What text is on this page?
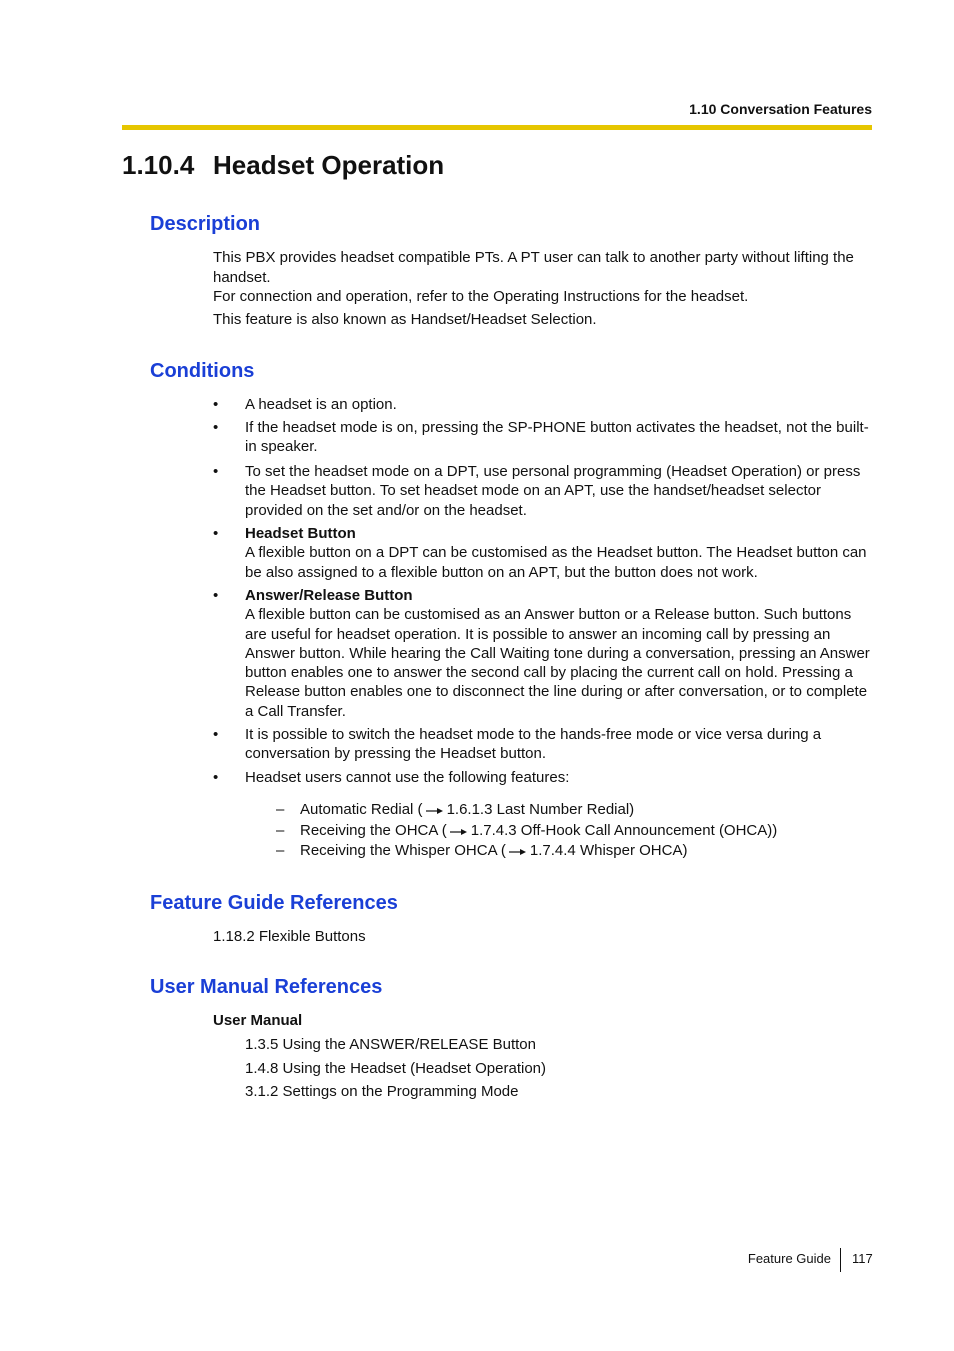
1.10 Conversation Features
1.10.4 Headset Operation
Description
This PBX provides headset compatible PTs. A PT user can talk to another party without lifting the handset.
For connection and operation, refer to the Operating Instructions for the headset.
This feature is also known as Handset/Headset Selection.
Conditions
•	A headset is an option.
•	If the headset mode is on, pressing the SP-PHONE button activates the headset, not the built-in speaker.
•	To set the headset mode on a DPT, use personal programming (Headset Operation) or press the Headset button. To set headset mode on an APT, use the handset/headset selector provided on the set and/or on the headset.
•	Headset Button
A flexible button on a DPT can be customised as the Headset button. The Headset button can be also assigned to a flexible button on an APT, but the button does not work.
•	Answer/Release Button
A flexible button can be customised as an Answer button or a Release button. Such buttons are useful for headset operation. It is possible to answer an incoming call by pressing an Answer button. While hearing the Call Waiting tone during a conversation, pressing an Answer button enables one to answer the second call by placing the current call on hold. Pressing a Release button enables one to disconnect the line during or after conversation, or to complete a Call Transfer.
•	It is possible to switch the headset mode to the hands-free mode or vice versa during a conversation by pressing the Headset button.
•	Headset users cannot use the following features:
– Automatic Redial ( 1.6.1.3 Last Number Redial)
– Receiving the OHCA ( 1.7.4.3 Off-Hook Call Announcement (OHCA))
– Receiving the Whisper OHCA ( 1.7.4.4 Whisper OHCA)
Feature Guide References
1.18.2 Flexible Buttons
User Manual References
User Manual
1.3.5 Using the ANSWER/RELEASE Button
1.4.8 Using the Headset (Headset Operation)
3.1.2 Settings on the Programming Mode
Feature Guide 117
